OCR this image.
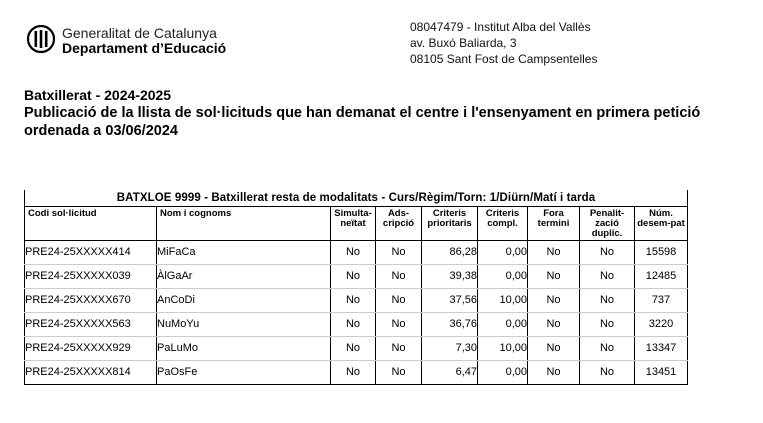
Generalitat de Catalunya
Departament d’Educació
08047479 - Institut Alba del Vallès
av. Buxó Baliarda, 3
08105 Sant Fost de Campsentelles
Batxillerat - 2024-2025
Publicació de la llista de sol·licituds que han demanat el centre i l'ensenyament en primera petició ordenada a 03/06/2024
BATXLOE 9999 - Batxillerat resta de modalitats - Curs/Règim/Torn: 1/Diürn/Matí i tarda								
Codi sol·licitud	Nom i cognoms	Simulta-neïtat	Ads-cripció	Criteris prioritaris	Criteris compl.	Fora termini	Penalit-zació duplic.	Núm. desem-pat
PRE24-25XXXXX414	MiFaCa	No	No	86,28	0,00	No	No	15598
PRE24-25XXXXX039	ÀlGaAr	No	No	39,38	0,00	No	No	12485
PRE24-25XXXXX670	AnCoDi	No	No	37,56	10,00	No	No	737
PRE24-25XXXXX563	NuMoYu	No	No	36,76	0,00	No	No	3220
PRE24-25XXXXX929	PaLuMo	No	No	7,30	10,00	No	No	13347
PRE24-25XXXXX814	PaOsFe	No	No	6,47	0,00	No	No	13451
